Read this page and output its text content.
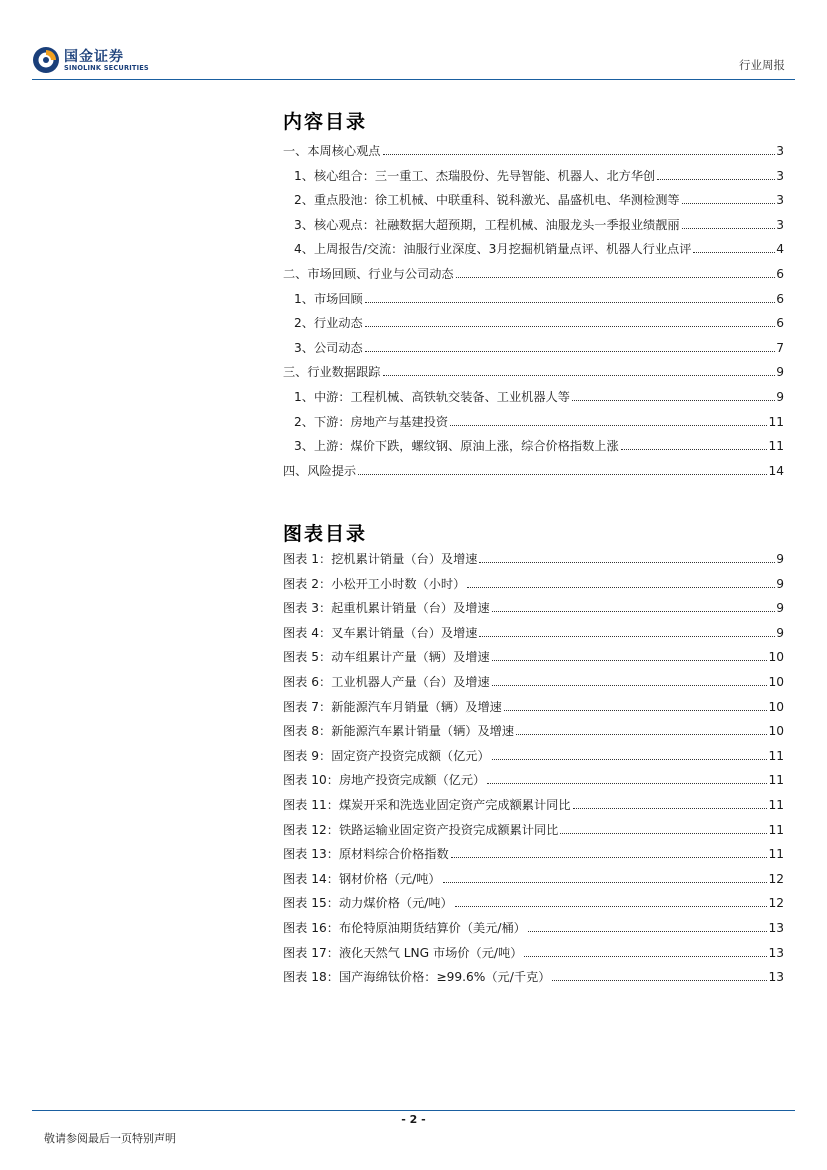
国金证券
SINOLINK SECURITIES	行业周报
内容目录
一、本周核心观点	3
1、核心组合：三一重工、杰瑞股份、先导智能、机器人、北方华创	3
2、重点股池：徐工机械、中联重科、锐科激光、晶盛机电、华测检测等	3
3、核心观点：社融数据大超预期，工程机械、油服龙头一季报业绩靓丽	3
4、上周报告/交流：油服行业深度、3月挖掘机销量点评、机器人行业点评	4
二、市场回顾、行业与公司动态	6
1、市场回顾	6
2、行业动态	6
3、公司动态	7
三、行业数据跟踪	9
1、中游：工程机械、高铁轨交装备、工业机器人等	9
2、下游：房地产与基建投资	11
3、上游：煤价下跌，螺纹钢、原油上涨，综合价格指数上涨	11
四、风险提示	14
图表目录
图表 1：挖机累计销量（台）及增速	9
图表 2：小松开工小时数（小时）	9
图表 3：起重机累计销量（台）及增速	9
图表 4：叉车累计销量（台）及增速	9
图表 5：动车组累计产量（辆）及增速	10
图表 6：工业机器人产量（台）及增速	10
图表 7：新能源汽车月销量（辆）及增速	10
图表 8：新能源汽车累计销量（辆）及增速	10
图表 9：固定资产投资完成额（亿元）	11
图表 10：房地产投资完成额（亿元）	11
图表 11：煤炭开采和洗选业固定资产完成额累计同比	11
图表 12：铁路运输业固定资产投资完成额累计同比	11
图表 13：原材料综合价格指数	11
图表 14：钢材价格（元/吨）	12
图表 15：动力煤价格（元/吨）	12
图表 16：布伦特原油期货结算价（美元/桶）	13
图表 17：液化天然气 LNG 市场价（元/吨）	13
图表 18：国产海绵钛价格：≥99.6%（元/千克）	13
- 2 -
敬请参阅最后一页特别声明
